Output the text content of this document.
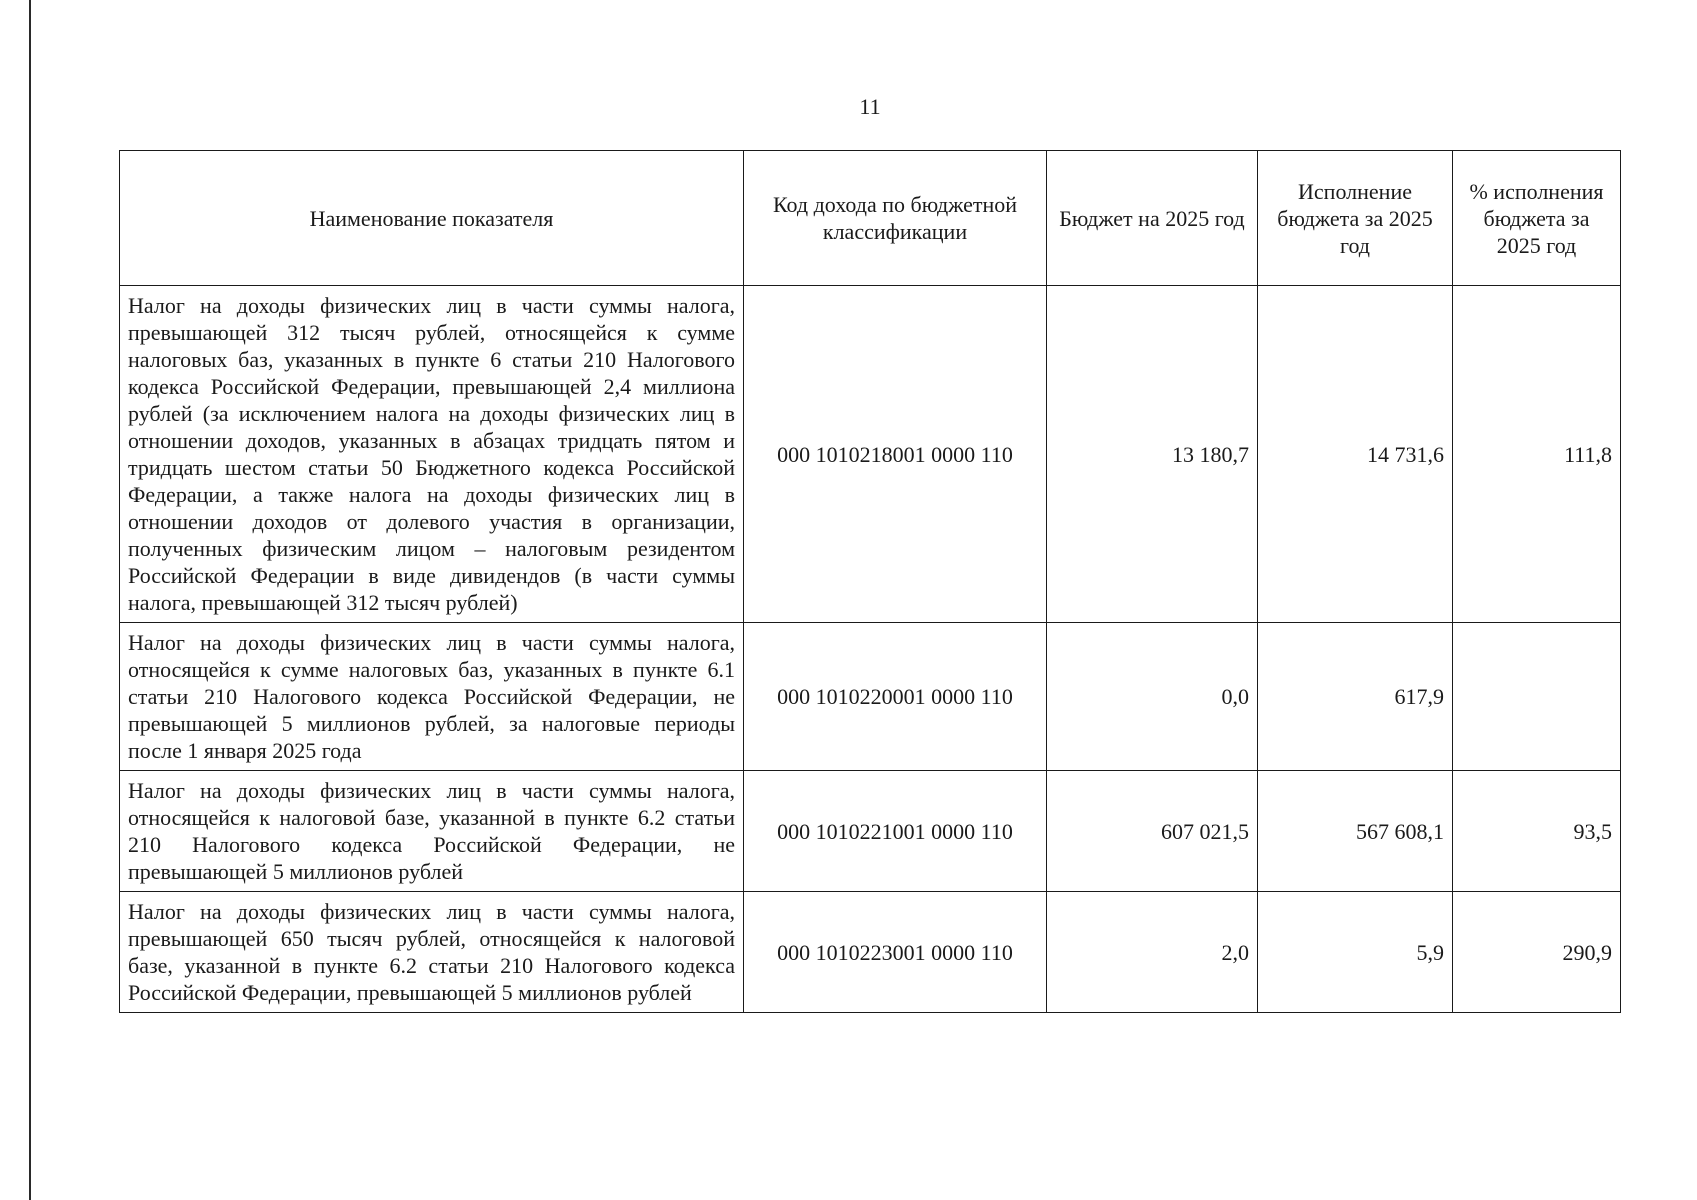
11
Наименование показателя	Код дохода по бюджетной классификации	Бюджет на 2025 год	Исполнение бюджета за 2025 год	% исполнения бюджета за 2025 год
Налог на доходы физических лиц в части суммы налога, превышающей 312 тысяч рублей, относящейся к сумме налоговых баз, указанных в пункте 6 статьи 210 Налогового кодекса Российской Федерации, превышающей 2,4 миллиона рублей (за исключением налога на доходы физических лиц в отношении доходов, указанных в абзацах тридцать пятом и тридцать шестом статьи 50 Бюджетного кодекса Российской Федерации, а также налога на доходы физических лиц в отношении доходов от долевого участия в организации, полученных физическим лицом – налоговым резидентом Российской Федерации в виде дивидендов (в части суммы налога, превышающей 312 тысяч рублей)	000 1010218001 0000 110	13 180,7	14 731,6	111,8
Налог на доходы физических лиц в части суммы налога, относящейся к сумме налоговых баз, указанных в пункте 6.1 статьи 210 Налогового кодекса Российской Федерации, не превышающей 5 миллионов рублей, за налоговые периоды после 1 января 2025 года	000 1010220001 0000 110	0,0	617,9	
Налог на доходы физических лиц в части суммы налога, относящейся к налоговой базе, указанной в пункте 6.2 статьи 210 Налогового кодекса Российской Федерации, не превышающей 5 миллионов рублей	000 1010221001 0000 110	607 021,5	567 608,1	93,5
Налог на доходы физических лиц в части суммы налога, превышающей 650 тысяч рублей, относящейся к налоговой базе, указанной в пункте 6.2 статьи 210 Налогового кодекса Российской Федерации, превышающей 5 миллионов рублей	000 1010223001 0000 110	2,0	5,9	290,9
